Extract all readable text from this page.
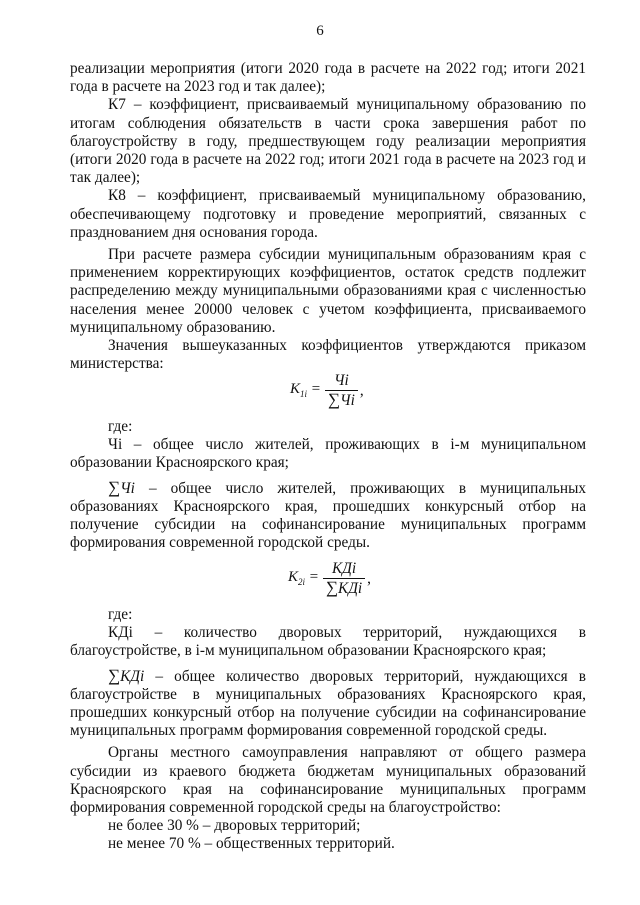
6

реализации мероприятия (итоги 2020 года в расчете на 2022 год; итоги 2021 года в расчете на 2023 год и так далее);

К7 – коэффициент, присваиваемый муниципальному образованию по итогам соблюдения обязательств в части срока завершения работ по благоустройству в году, предшествующем году реализации мероприятия (итоги 2020 года в расчете на 2022 год; итоги 2021 года в расчете на 2023 год и так далее);

К8 – коэффициент, присваиваемый муниципальному образованию, обеспечивающему подготовку и проведение мероприятий, связанных с празднованием дня основания города.

При расчете размера субсидии муниципальным образованиям края с применением корректирующих коэффициентов, остаток средств подлежит распределению между муниципальными образованиями края с численностью населения менее 20000 человек с учетом коэффициента, присваиваемого муниципальному образованию.

Значения вышеуказанных коэффициентов утверждаются приказом министерства:

$K_{1i} = \frac{Чi}{\sum Чi}$ ,

где:

Чi – общее число жителей, проживающих в i-м муниципальном образовании Красноярского края;

∑Чi – общее число жителей, проживающих в муниципальных образованиях Красноярского края, прошедших конкурсный отбор на получение субсидии на софинансирование муниципальных программ формирования современной городской среды.

$K_{2i} = \frac{\text{КДi}}{\text{∑КДi}}$ ,

где:

КДi – количество дворовых территорий, нуждающихся в благоустройстве, в i-м муниципальном образовании Красноярского края;

∑КДi – общее количество дворовых территорий, нуждающихся в благоустройстве в муниципальных образованиях Красноярского края, прошедших конкурсный отбор на получение субсидии на софинансирование муниципальных программ формирования современной городской среды.

Органы местного самоуправления направляют от общего размера субсидии из краевого бюджета бюджетам муниципальных образований Красноярского края на софинансирование муниципальных программ формирования современной городской среды на благоустройство:

не более 30 % – дворовых территорий;

не менее 70 % – общественных территорий.
